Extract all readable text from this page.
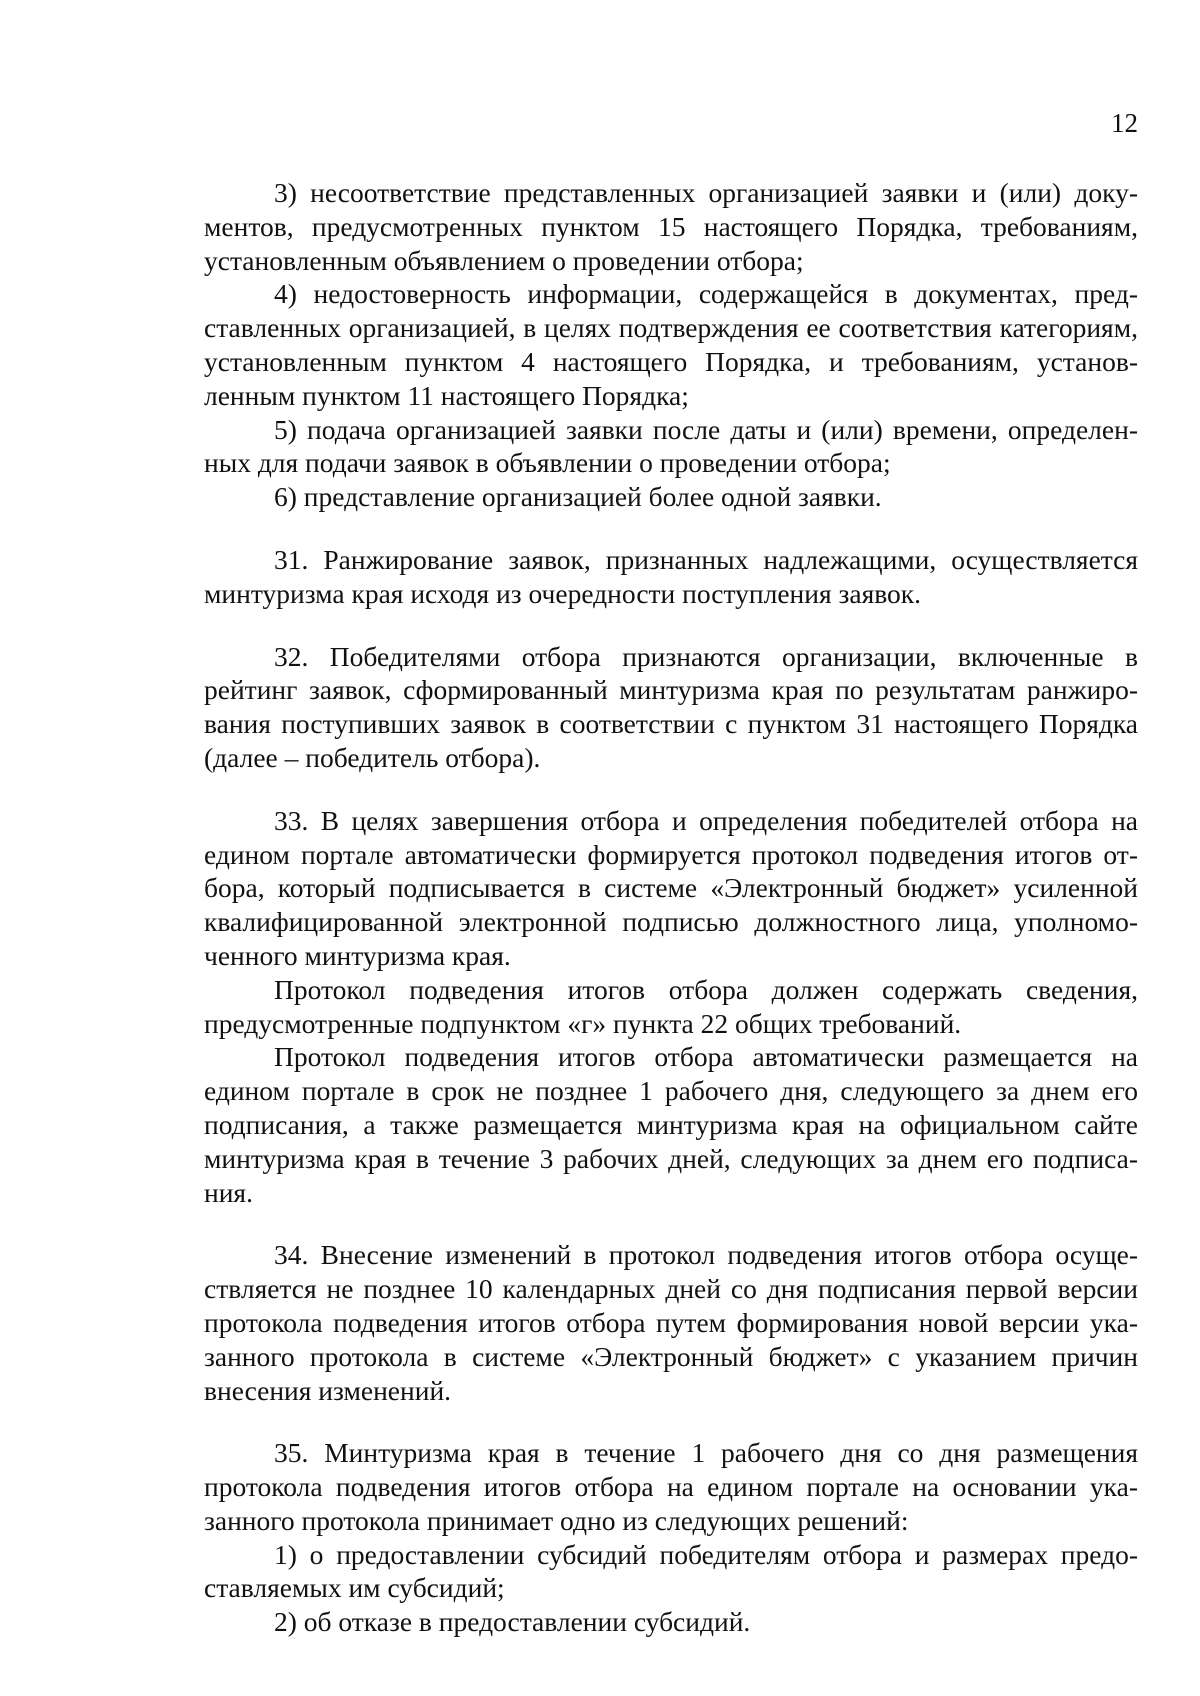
12

3) несоответствие представленных организацией заявки и (или) документов, предусмотренных пунктом 15 настоящего Порядка, требованиям, установленным объявлением о проведении отбора;

4) недостоверность информации, содержащейся в документах, представленных организацией, в целях подтверждения ее соответствия категориям, установленным пунктом 4 настоящего Порядка, и требованиям, установленным пунктом 11 настоящего Порядка;

5) подача организацией заявки после даты и (или) времени, определенных для подачи заявок в объявлении о проведении отбора;

6) представление организацией более одной заявки.

31. Ранжирование заявок, признанных надлежащими, осуществляется минтуризма края исходя из очередности поступления заявок.

32. Победителями отбора признаются организации, включенные в рейтинг заявок, сформированный минтуризма края по результатам ранжирования поступивших заявок в соответствии с пунктом 31 настоящего Порядка (далее – победитель отбора).

33. В целях завершения отбора и определения победителей отбора на едином портале автоматически формируется протокол подведения итогов отбора, который подписывается в системе «Электронный бюджет» усиленной квалифицированной электронной подписью должностного лица, уполномоченного минтуризма края.

Протокол подведения итогов отбора должен содержать сведения, предусмотренные подпунктом «г» пункта 22 общих требований.

Протокол подведения итогов отбора автоматически размещается на едином портале в срок не позднее 1 рабочего дня, следующего за днем его подписания, а также размещается минтуризма края на официальном сайте минтуризма края в течение 3 рабочих дней, следующих за днем его подписания.

34. Внесение изменений в протокол подведения итогов отбора осуществляется не позднее 10 календарных дней со дня подписания первой версии протокола подведения итогов отбора путем формирования новой версии указанного протокола в системе «Электронный бюджет» с указанием причин внесения изменений.

35. Минтуризма края в течение 1 рабочего дня со дня размещения протокола подведения итогов отбора на едином портале на основании указанного протокола принимает одно из следующих решений:

1) о предоставлении субсидий победителям отбора и размерах предоставляемых им субсидий;

2) об отказе в предоставлении субсидий.
